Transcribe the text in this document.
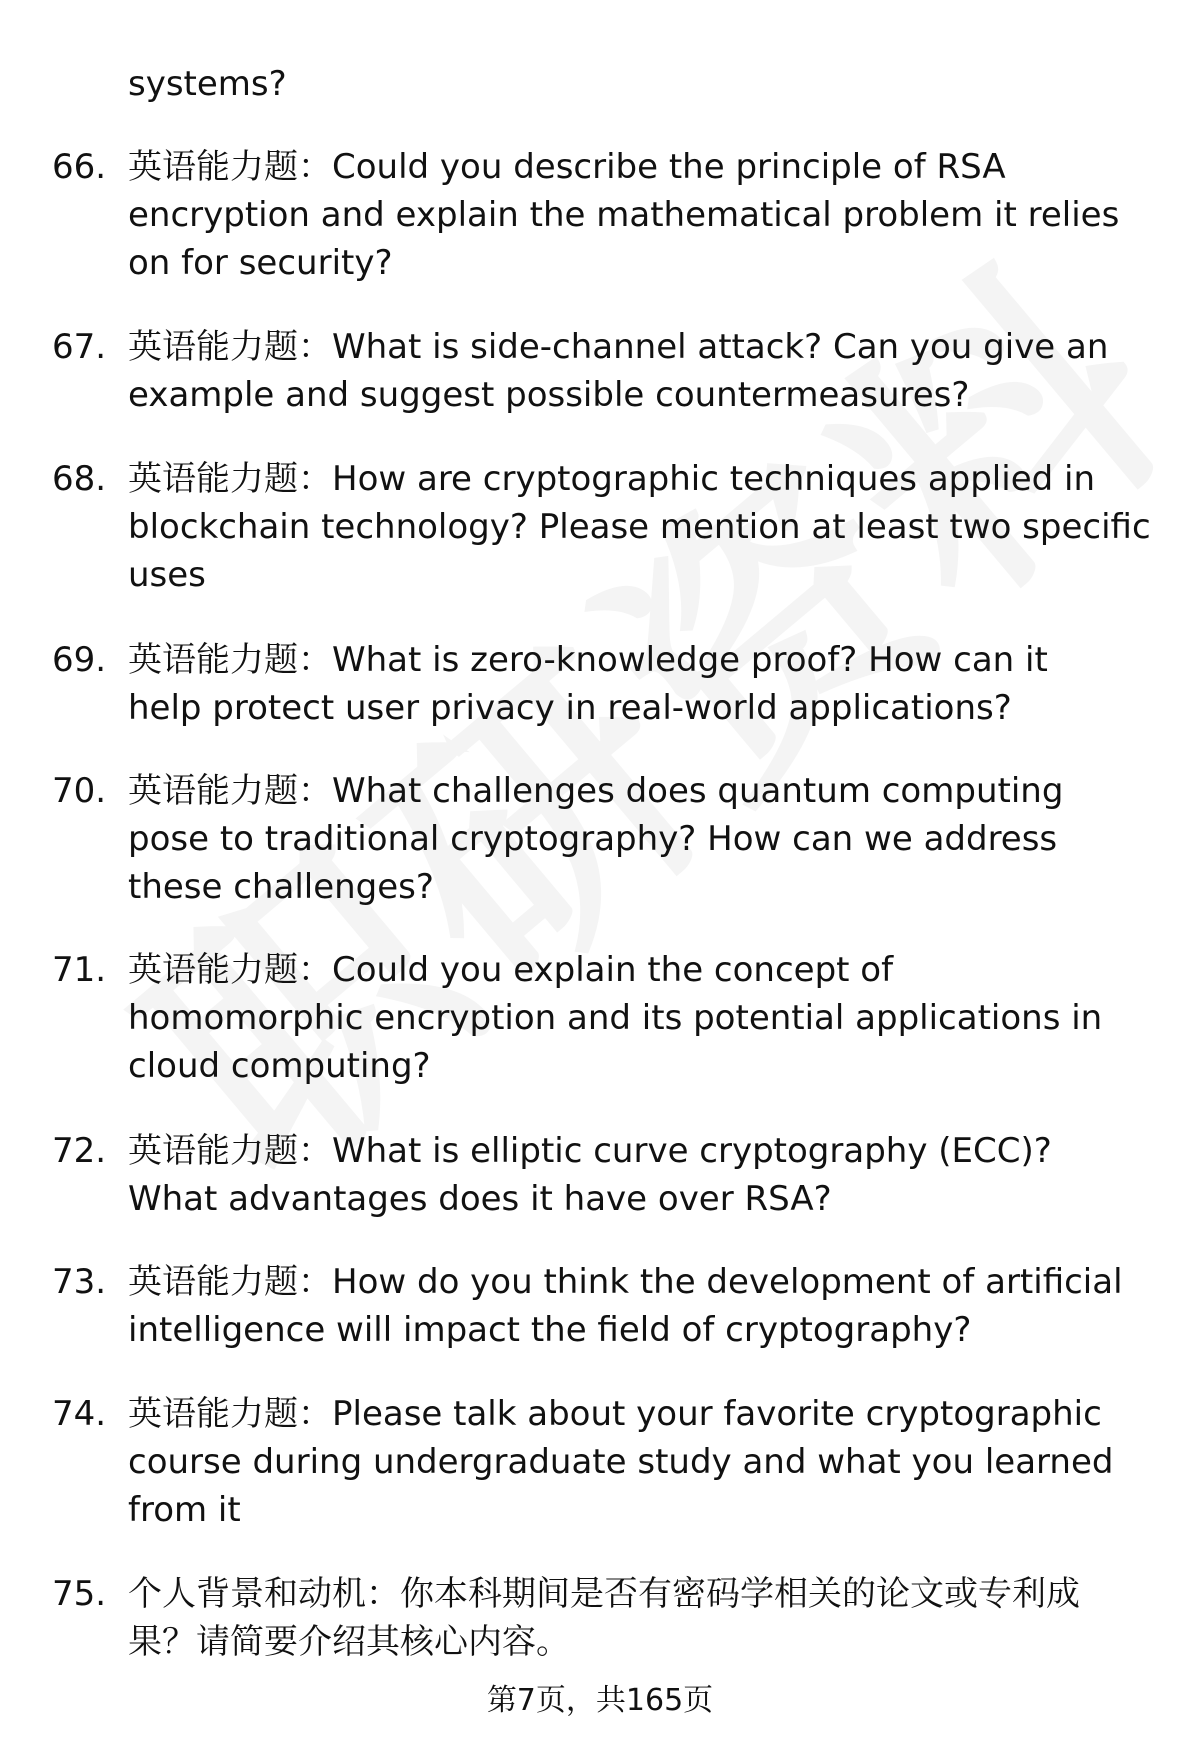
systems?
66. 英语能力题：Could you describe the principle of RSA
encryption and explain the mathematical problem it relies
on for security?
67. 英语能力题：What is side-channel attack? Can you give an
example and suggest possible countermeasures?
68. 英语能力题：How are cryptographic techniques applied in
blockchain technology? Please mention at least two specific
uses
69. 英语能力题：What is zero-knowledge proof? How can it
help protect user privacy in real-world applications?
70. 英语能力题：What challenges does quantum computing
pose to traditional cryptography? How can we address
these challenges?
71. 英语能力题：Could you explain the concept of
homomorphic encryption and its potential applications in
cloud computing?
72. 英语能力题：What is elliptic curve cryptography (ECC)?
What advantages does it have over RSA?
73. 英语能力题：How do you think the development of artificial
intelligence will impact the field of cryptography?
74. 英语能力题：Please talk about your favorite cryptographic
course during undergraduate study and what you learned
from it
75. 个人背景和动机：你本科期间是否有密码学相关的论文或专利成
果？请简要介绍其核心内容。
第7页，共165页
